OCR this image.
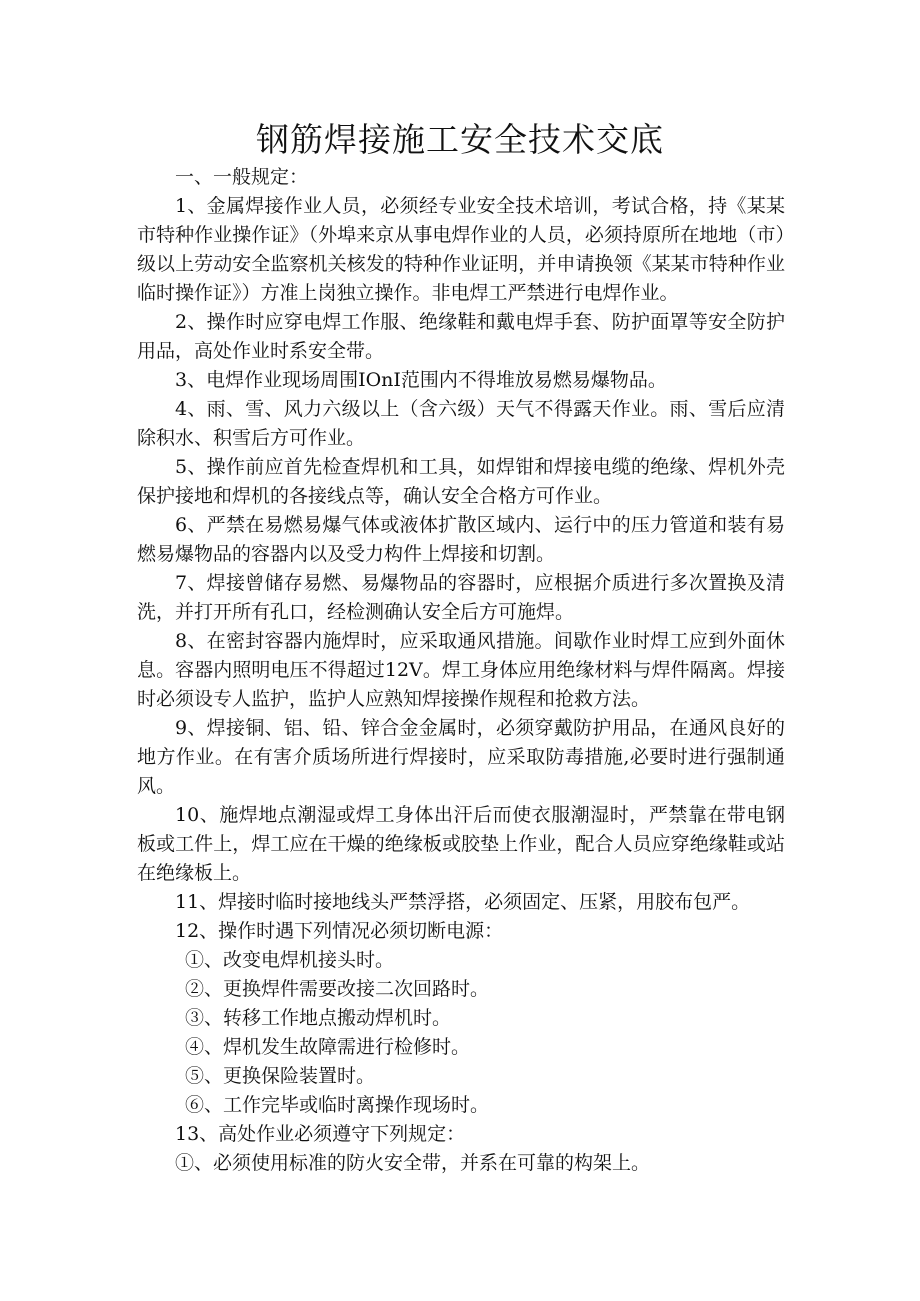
钢筋焊接施工安全技术交底
一、一般规定：
1、金属焊接作业人员，必须经专业安全技术培训，考试合格，持《某某市特种作业操作证》（外埠来京从事电焊作业的人员，必须持原所在地地（市）级以上劳动安全监察机关核发的特种作业证明，并申请换领《某某市特种作业临时操作证》）方准上岗独立操作。非电焊工严禁进行电焊作业。
2、操作时应穿电焊工作服、绝缘鞋和戴电焊手套、防护面罩等安全防护用品，高处作业时系安全带。
3、电焊作业现场周围IOnI范围内不得堆放易燃易爆物品。
4、雨、雪、风力六级以上（含六级）天气不得露天作业。雨、雪后应清除积水、积雪后方可作业。
5、操作前应首先检查焊机和工具，如焊钳和焊接电缆的绝缘、焊机外壳保护接地和焊机的各接线点等，确认安全合格方可作业。
6、严禁在易燃易爆气体或液体扩散区域内、运行中的压力管道和装有易燃易爆物品的容器内以及受力构件上焊接和切割。
7、焊接曾储存易燃、易爆物品的容器时，应根据介质进行多次置换及清洗，并打开所有孔口，经检测确认安全后方可施焊。
8、在密封容器内施焊时，应采取通风措施。间歇作业时焊工应到外面休息。容器内照明电压不得超过12V。焊工身体应用绝缘材料与焊件隔离。焊接时必须设专人监护，监护人应熟知焊接操作规程和抢救方法。
9、焊接铜、铝、铅、锌合金金属时，必须穿戴防护用品，在通风良好的地方作业。在有害介质场所进行焊接时，应采取防毒措施,必要时进行强制通风。
10、施焊地点潮湿或焊工身体出汗后而使衣服潮湿时，严禁靠在带电钢板或工件上，焊工应在干燥的绝缘板或胶垫上作业，配合人员应穿绝缘鞋或站在绝缘板上。
11、焊接时临时接地线头严禁浮搭，必须固定、压紧，用胶布包严。
12、操作时遇下列情况必须切断电源：
①、改变电焊机接头时。
②、更换焊件需要改接二次回路时。
③、转移工作地点搬动焊机时。
④、焊机发生故障需进行检修时。
⑤、更换保险装置时。
⑥、工作完毕或临时离操作现场时。
13、高处作业必须遵守下列规定：
①、必须使用标准的防火安全带，并系在可靠的构架上。
